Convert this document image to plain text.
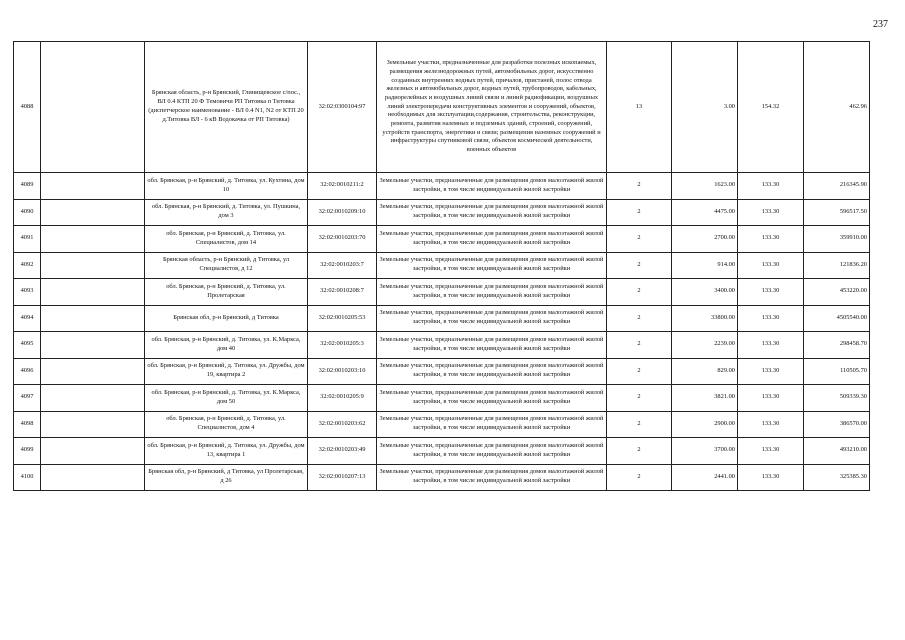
237
4088		Брянская область, р-н Брянский, Глинищевское с/пос., ВЛ 0.4 КТП 20 Ф Темовичи РП Титовка п Титовка (диспетчерское наименование - ВЛ 0.4 N1, N2 от КТП 20 д.Титовка ВЛ - 6 кВ Водокачка от РП Титовка)	32:02:0300104:97	Земельные участки, предназначенные для разработки полезных ископаемых, размещения железнодорожных путей, автомобильных дорог, искусственно созданных внутренних водных путей, причалов, пристаней, полос отвода железных и автомобильных дорог, водных путей, трубопроводов, кабельных, радиорелейных и воздушных линий связи и линий радиофикации, воздушных линий электропередачи конструктивных элементов и сооружений, объектов, необходимых для эксплуатации,содержания, строительства, реконструкции, ремонта, развития наземных и подземных зданий, строений, сооружений, устройств транспорта, энергетики и связи; размещения наземных сооружений и инфраструктуры спутниковой связи, объектов космической деятельности, военных объектов	13	3.00	154.32	462.96
4089		обл. Брянская, р-н Брянский, д. Титовка, ул. Кухтина, дом 10	32:02:0010211:2	Земельные участки, предназначенные для размещения домов малоэтажной жилой застройки, в том числе индивидуальной жилой застройки	2	1623.00	133.30	216345.90
4090		обл. Брянская, р-н Брянский, д. Титовка, ул. Пушкина, дом 3	32:02:0010209:10	Земельные участки, предназначенные для размещения домов малоэтажной жилой застройки, в том числе индивидуальной жилой застройки	2	4475.00	133.30	596517.50
4091		обл. Брянская, р-н Брянский, д. Титовка, ул. Специалистов, дом 14	32:02:0010203:70	Земельные участки, предназначенные для размещения домов малоэтажной жилой застройки, в том числе индивидуальной жилой застройки	2	2700.00	133.30	359910.00
4092		Брянская область, р-н Брянский, д Титовка, ул Специалистов, д 12	32:02:0010203:7	Земельные участки, предназначенные для размещения домов малоэтажной жилой застройки, в том числе индивидуальной жилой застройки	2	914.00	133.30	121836.20
4093		обл. Брянская, р-н Брянский, д. Титовка, ул. Пролетарская	32:02:0010208:7	Земельные участки, предназначенные для размещения домов малоэтажной жилой застройки, в том числе индивидуальной жилой застройки	2	3400.00	133.30	453220.00
4094		Брянская обл, р-н Брянский, д Титовка	32:02:0010205:53	Земельные участки, предназначенные для размещения домов малоэтажной жилой застройки, в том числе индивидуальной жилой застройки	2	33800.00	133.30	4505540.00
4095		обл. Брянская, р-н Брянский, д. Титовка, ул. К.Маркса, дом 40	32:02:0010205:3	Земельные участки, предназначенные для размещения домов малоэтажной жилой застройки, в том числе индивидуальной жилой застройки	2	2239.00	133.30	298458.70
4096		обл. Брянская, р-н Брянский, д. Титовка, ул. Дружбы, дом 19, квартира 2	32:02:0010203:10	Земельные участки, предназначенные для размещения домов малоэтажной жилой застройки, в том числе индивидуальной жилой застройки	2	829.00	133.30	110505.70
4097		обл. Брянская, р-н Брянский, д. Титовка, ул. К.Маркса, дом 50	32:02:0010205:9	Земельные участки, предназначенные для размещения домов малоэтажной жилой застройки, в том числе индивидуальной жилой застройки	2	3821.00	133.30	509339.30
4098		обл. Брянская, р-н Брянский, д. Титовка, ул. Специалистов, дом 4	32:02:0010203:62	Земельные участки, предназначенные для размещения домов малоэтажной жилой застройки, в том числе индивидуальной жилой застройки	2	2900.00	133.30	386570.00
4099		обл. Брянская, р-н Брянский, д. Титовка, ул. Дружбы, дом 13, квартира 1	32:02:0010203:49	Земельные участки, предназначенные для размещения домов малоэтажной жилой застройки, в том числе индивидуальной жилой застройки	2	3700.00	133.30	493210.00
4100		Брянская обл, р-н Брянский, д Титовка, ул Пролетарская, д 26	32:02:0010207:13	Земельные участки, предназначенные для размещения домов малоэтажной жилой застройки, в том числе индивидуальной жилой застройки	2	2441.00	133.30	325385.30
